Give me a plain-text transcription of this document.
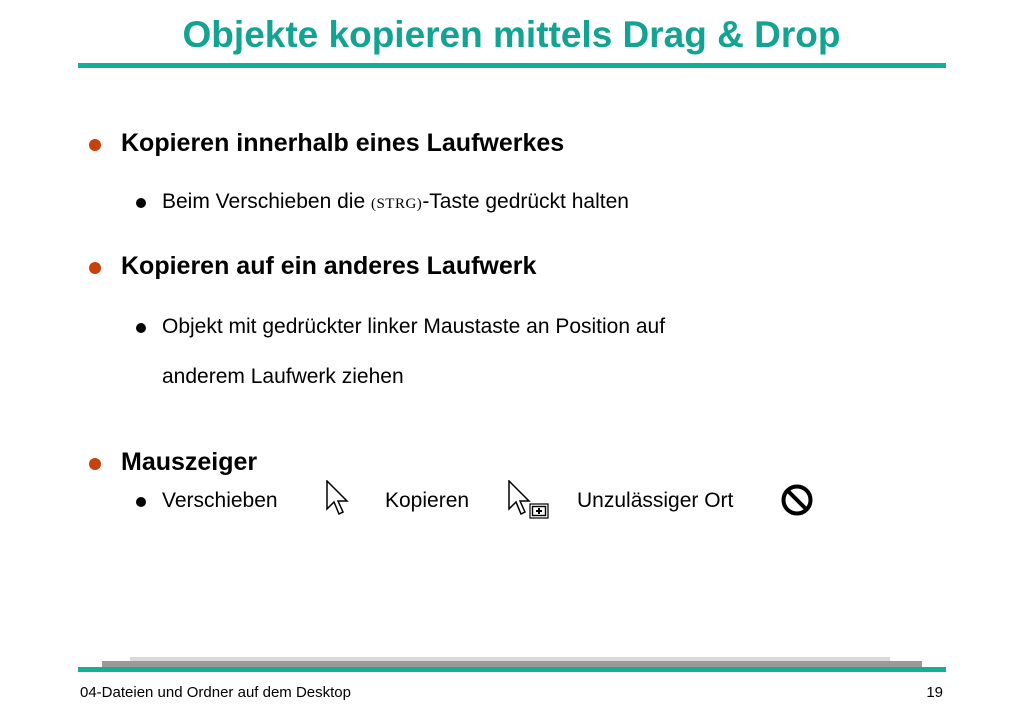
Objekte kopieren mittels Drag & Drop
Kopieren innerhalb eines Laufwerkes
Beim Verschieben die (STRG)-Taste gedrückt halten
Kopieren auf ein anderes Laufwerk
Objekt mit gedrückter linker Maustaste an Position auf
anderem Laufwerk ziehen
Mauszeiger
Verschieben	Kopieren	Unzulässiger Ort
04-Dateien und Ordner auf dem Desktop	19
